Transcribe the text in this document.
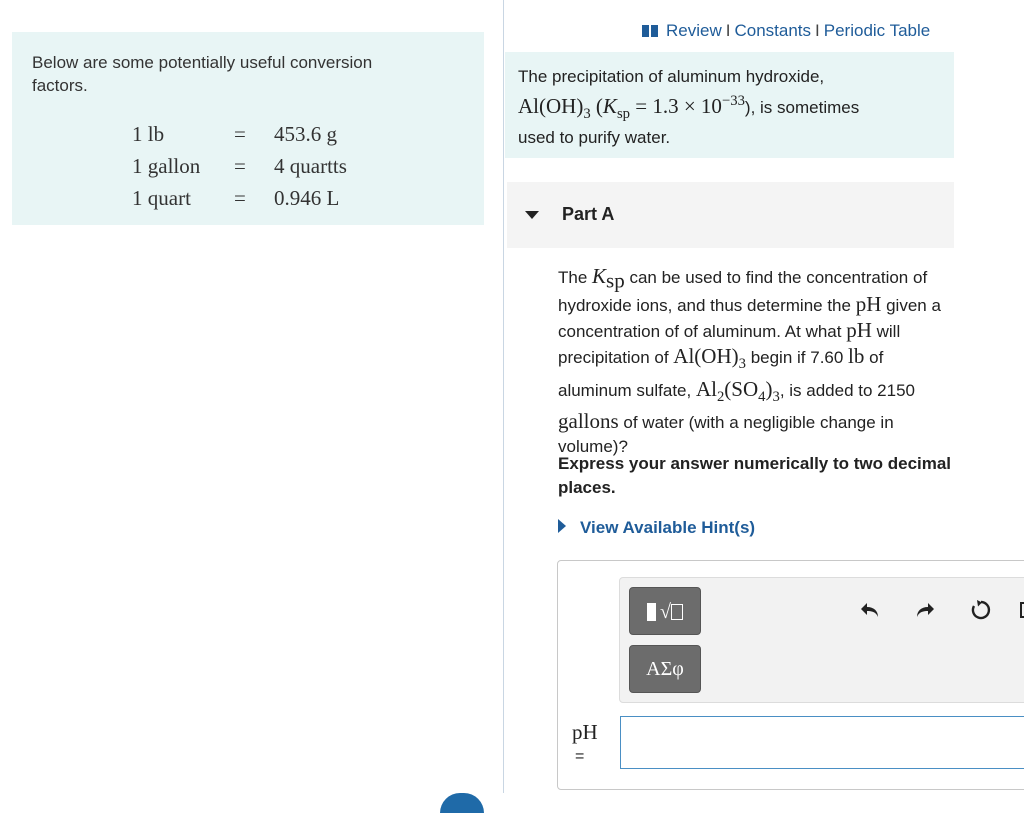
Below are some potentially useful conversion factors.
1 lb	=	453.6 g
1 gallon	=	4 quartts
1 quart	=	0.946 L
Review I Constants I Periodic Table
The precipitation of aluminum hydroxide,
$Al(OH)_3$ $(K_{sp} = 1.3 \times 10^{-33})$, is sometimes
used to purify water.
Part A
The $K_{sp}$ can be used to find the concentration of hydroxide ions, and thus determine the pH given a concentration of of aluminum. At what pH will precipitation of $Al(OH)_3$ begin if 7.60 lb of aluminum sulfate, $Al_2(SO_4)_3$, is added to 2150 gallons of water (with a negligible change in volume)?
Express your answer numerically to two decimal places.
View Available Hint(s)
√
ΑΣφ
pH
=
